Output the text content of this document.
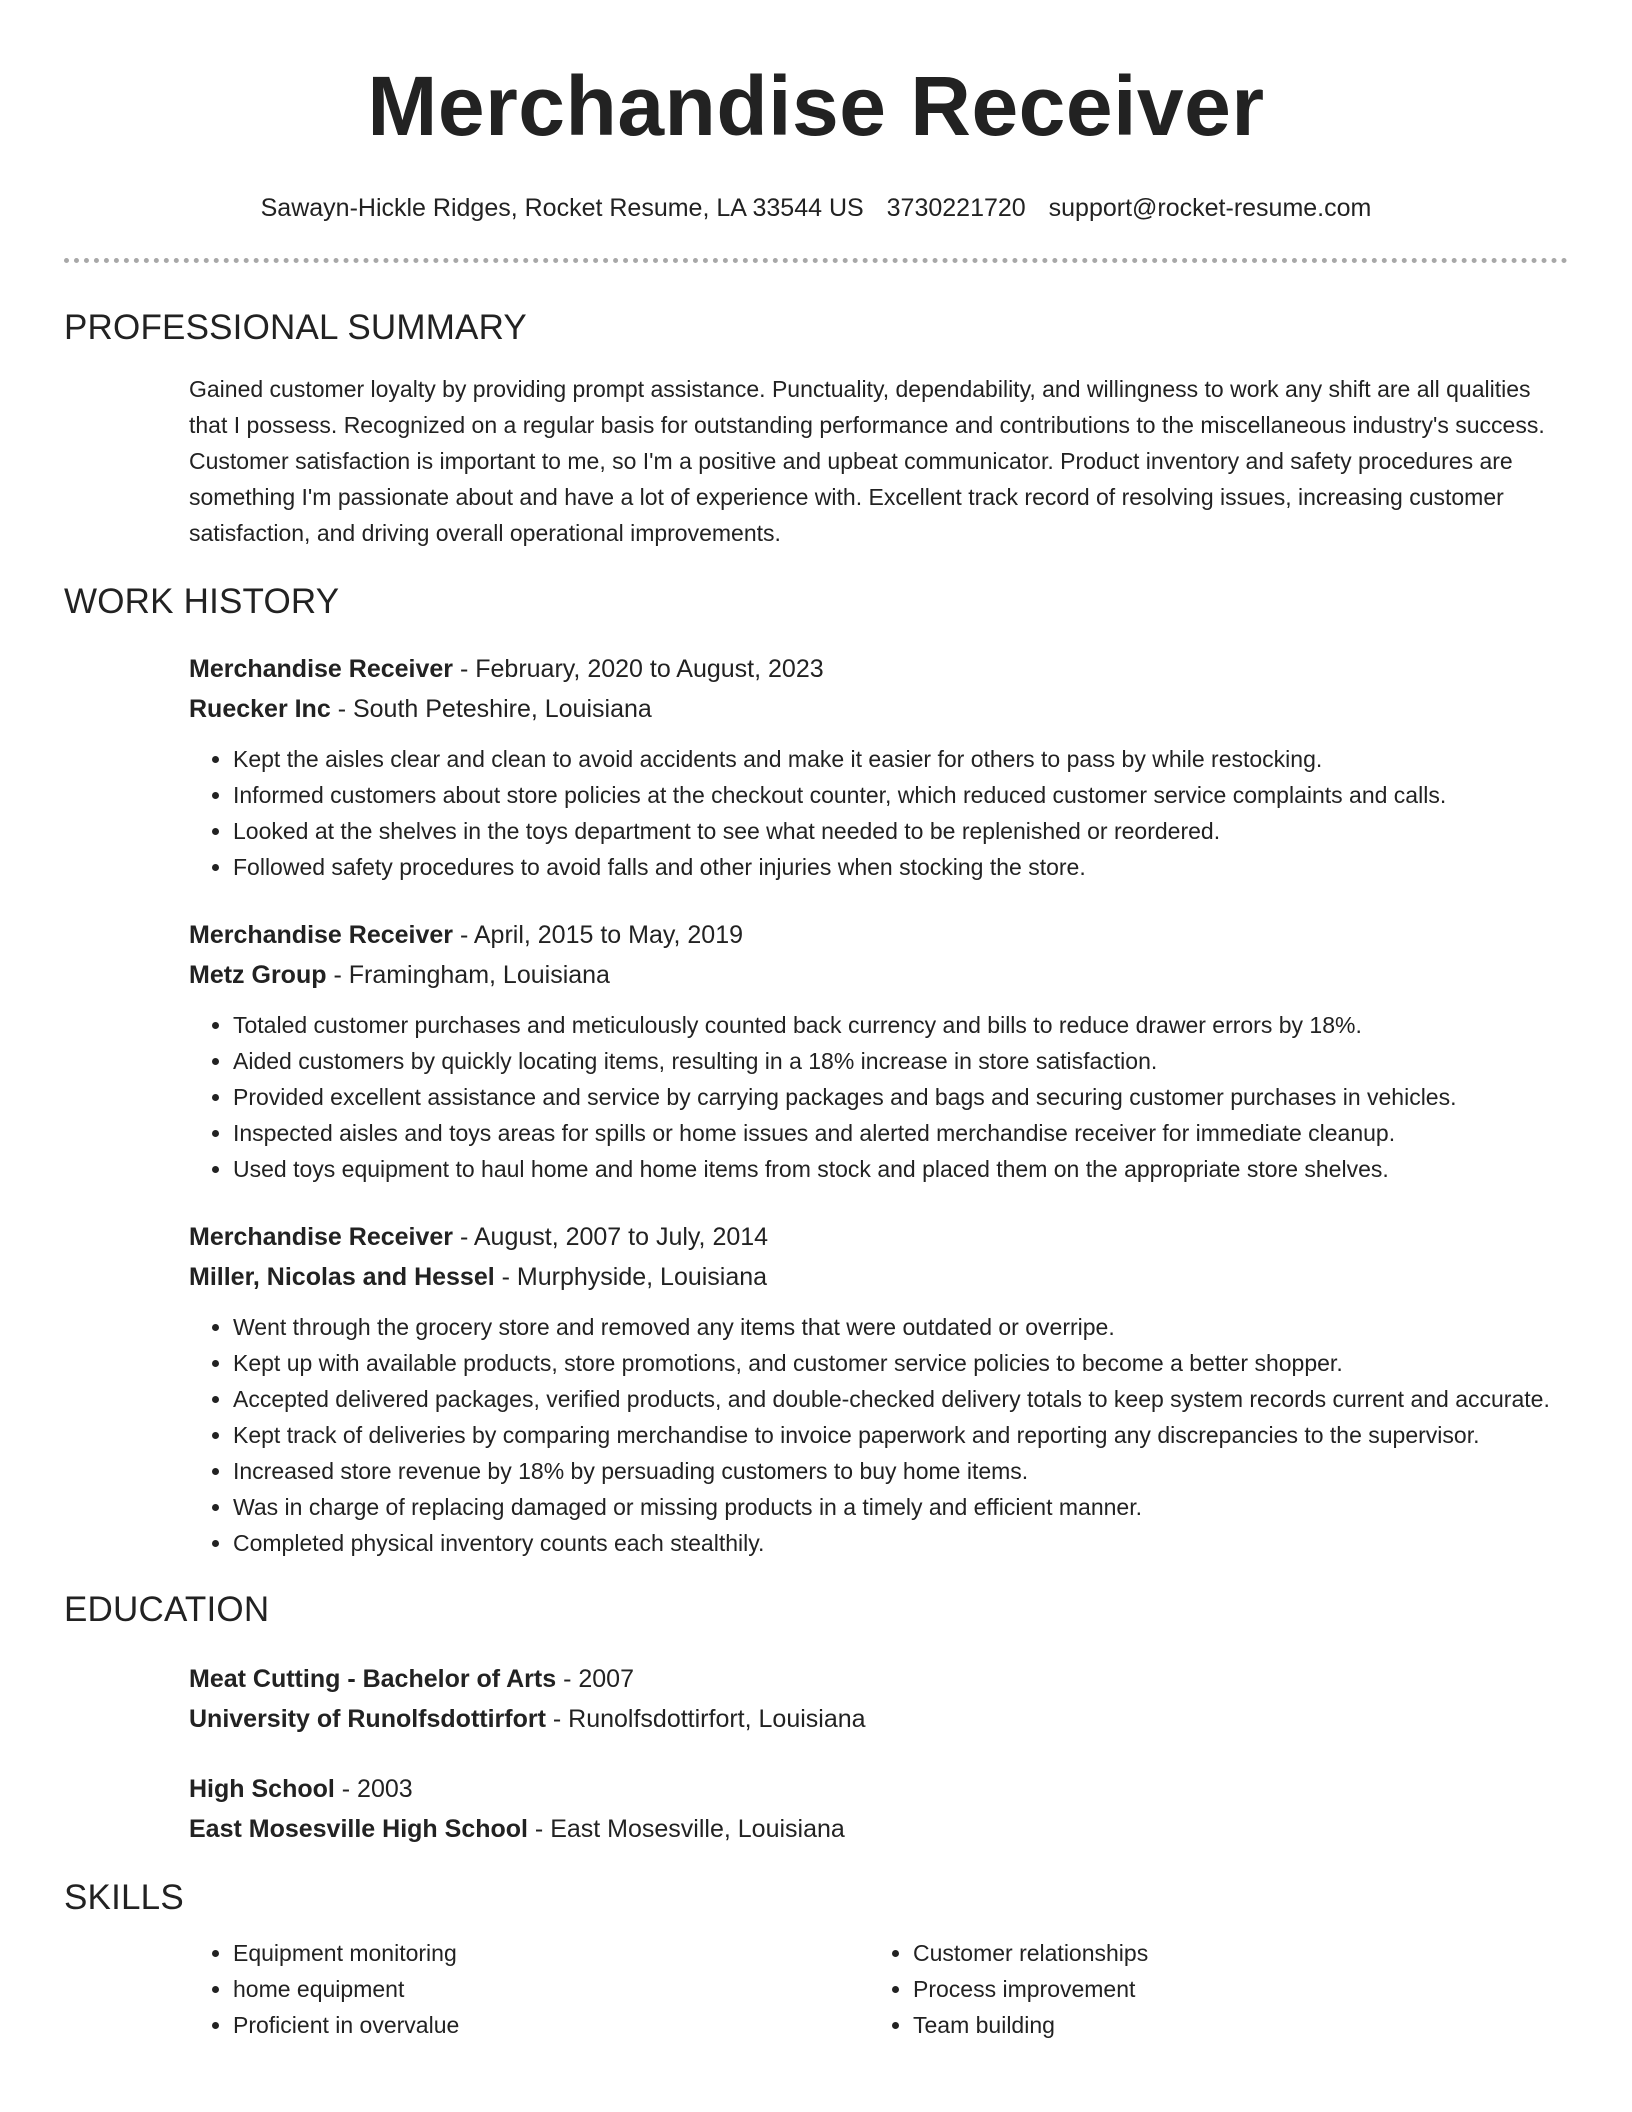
Merchandise Receiver
Sawayn-Hickle Ridges, Rocket Resume, LA 33544 US 3730221720 support@rocket-resume.com
PROFESSIONAL SUMMARY

Gained customer loyalty by providing prompt assistance. Punctuality, dependability, and willingness to work any shift are all qualities that I possess. Recognized on a regular basis for outstanding performance and contributions to the miscellaneous industry's success. Customer satisfaction is important to me, so I'm a positive and upbeat communicator. Product inventory and safety procedures are something I'm passionate about and have a lot of experience with. Excellent track record of resolving issues, increasing customer satisfaction, and driving overall operational improvements.

WORK HISTORY
Merchandise Receiver - February, 2020 to August, 2023
Ruecker Inc - South Peteshire, Louisiana
• Kept the aisles clear and clean to avoid accidents and make it easier for others to pass by while restocking.
• Informed customers about store policies at the checkout counter, which reduced customer service complaints and calls.
• Looked at the shelves in the toys department to see what needed to be replenished or reordered.
• Followed safety procedures to avoid falls and other injuries when stocking the store.
Merchandise Receiver - April, 2015 to May, 2019
Metz Group - Framingham, Louisiana
• Totaled customer purchases and meticulously counted back currency and bills to reduce drawer errors by 18%.
• Aided customers by quickly locating items, resulting in a 18% increase in store satisfaction.
• Provided excellent assistance and service by carrying packages and bags and securing customer purchases in vehicles.
• Inspected aisles and toys areas for spills or home issues and alerted merchandise receiver for immediate cleanup.
• Used toys equipment to haul home and home items from stock and placed them on the appropriate store shelves.
Merchandise Receiver - August, 2007 to July, 2014
Miller, Nicolas and Hessel - Murphyside, Louisiana
• Went through the grocery store and removed any items that were outdated or overripe.
• Kept up with available products, store promotions, and customer service policies to become a better shopper.
• Accepted delivered packages, verified products, and double-checked delivery totals to keep system records current and accurate.
• Kept track of deliveries by comparing merchandise to invoice paperwork and reporting any discrepancies to the supervisor.
• Increased store revenue by 18% by persuading customers to buy home items.
• Was in charge of replacing damaged or missing products in a timely and efficient manner.
• Completed physical inventory counts each stealthily.
EDUCATION
Meat Cutting - Bachelor of Arts - 2007
University of Runolfsdottirfort - Runolfsdottirfort, Louisiana
High School - 2003
East Mosesville High School - East Mosesville, Louisiana
SKILLS
• Equipment monitoring
• home equipment
• Proficient in overvalue
• Customer relationships
• Process improvement
• Team building
